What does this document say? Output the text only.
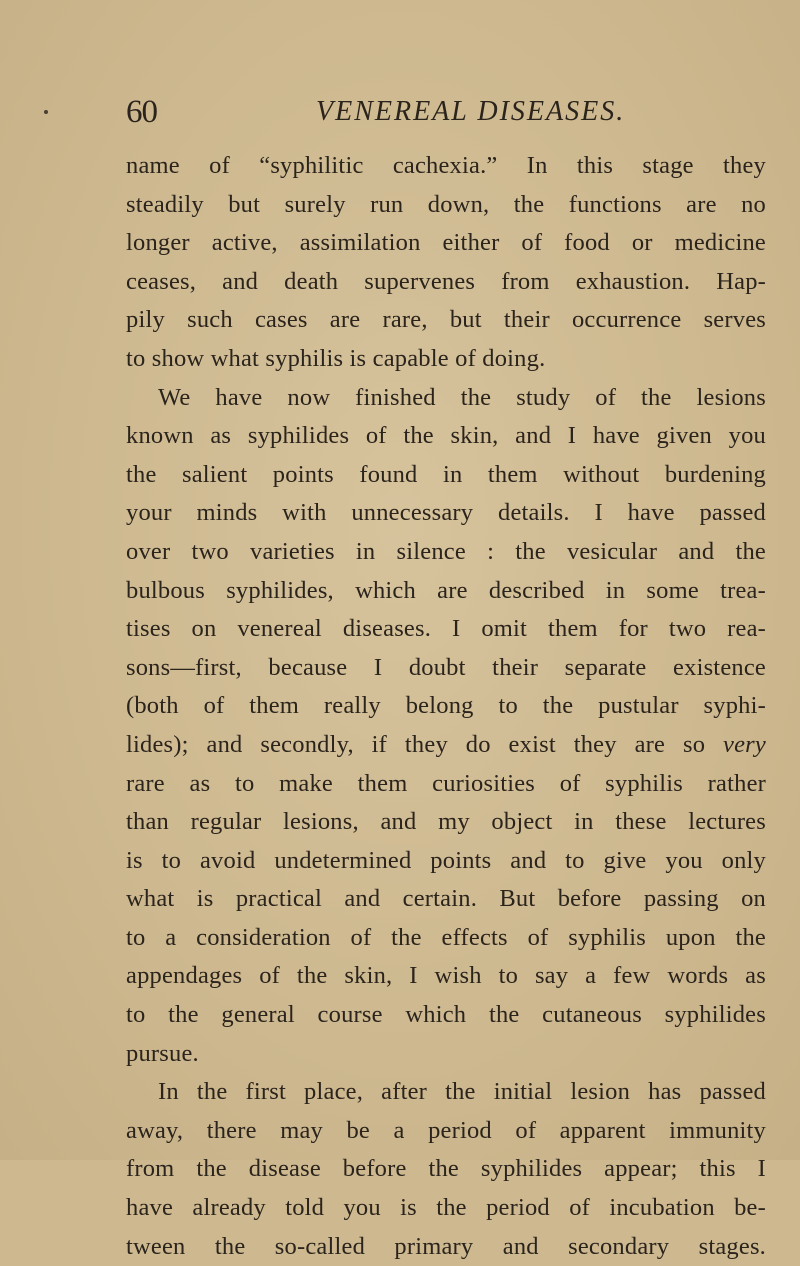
60	VENEREAL DISEASES.
name of “syphilitic cachexia.” In this stage they
steadily but surely run down, the functions are no
longer active, assimilation either of food or medicine
ceases, and death supervenes from exhaustion. Hap-
pily such cases are rare, but their occurrence serves
to show what syphilis is capable of doing.
We have now finished the study of the lesions
known as syphilides of the skin, and I have given you
the salient points found in them without burdening
your minds with unnecessary details. I have passed
over two varieties in silence : the vesicular and the
bulbous syphilides, which are described in some trea-
tises on venereal diseases. I omit them for two rea-
sons—first, because I doubt their separate existence
(both of them really belong to the pustular syphi-
lides); and secondly, if they do exist they are so very
rare as to make them curiosities of syphilis rather
than regular lesions, and my object in these lectures
is to avoid undetermined points and to give you only
what is practical and certain. But before passing on
to a consideration of the effects of syphilis upon the
appendages of the skin, I wish to say a few words as
to the general course which the cutaneous syphilides
pursue.
In the first place, after the initial lesion has passed
away, there may be a period of apparent immunity
from the disease before the syphilides appear; this I
have already told you is the period of incubation be-
tween the so-called primary and secondary stages.
